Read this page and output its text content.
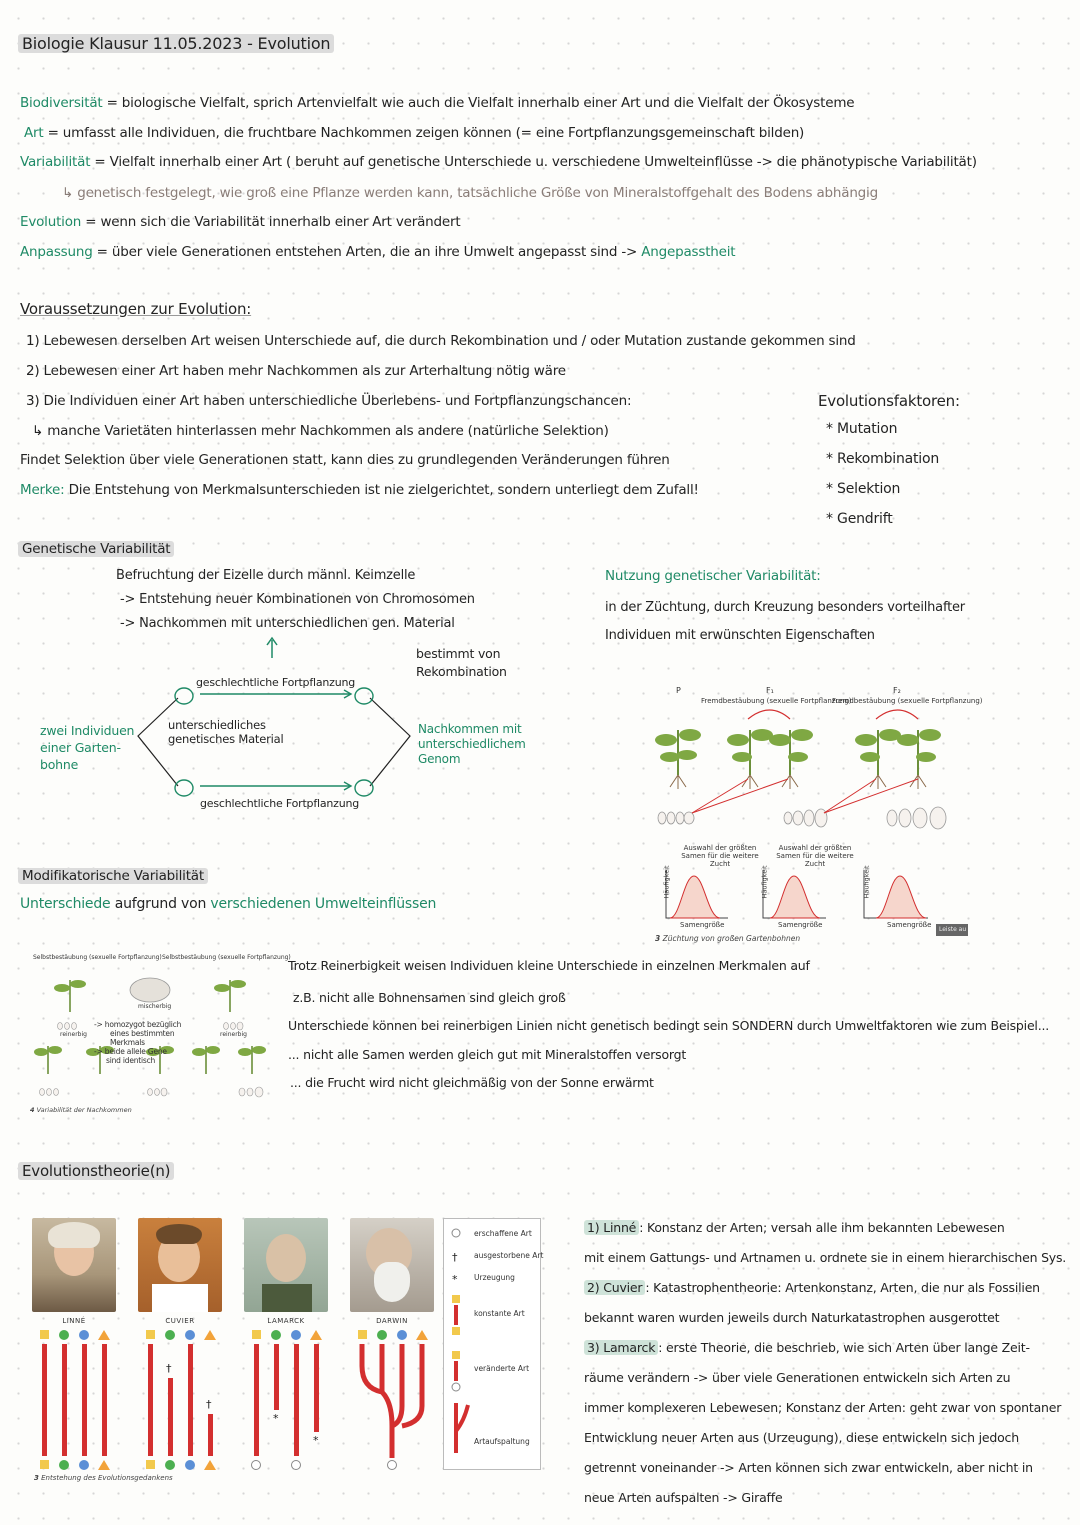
Biologie Klausur 11.05.2023 - Evolution
Biodiversität = biologische Vielfalt, sprich Artenvielfalt wie auch die Vielfalt innerhalb einer Art und die Vielfalt der Ökosysteme
Art = umfasst alle Individuen, die fruchtbare Nachkommen zeigen können (= eine Fortpflanzungsgemeinschaft bilden)
Variabilität = Vielfalt innerhalb einer Art ( beruht auf genetische Unterschiede u. verschiedene Umwelteinflüsse -> die phänotypische Variabilität)
↳ genetisch festgelegt, wie groß eine Pflanze werden kann, tatsächliche Größe von Mineralstoffgehalt des Bodens abhängig
Evolution = wenn sich die Variabilität innerhalb einer Art verändert
Anpassung = über viele Generationen entstehen Arten, die an ihre Umwelt angepasst sind -> Angepasstheit
Voraussetzungen zur Evolution:
1) Lebewesen derselben Art weisen Unterschiede auf, die durch Rekombination und / oder Mutation zustande gekommen sind
2) Lebewesen einer Art haben mehr Nachkommen als zur Arterhaltung nötig wäre
3) Die Individuen einer Art haben unterschiedliche Überlebens- und Fortpflanzungschancen:
↳ manche Varietäten hinterlassen mehr Nachkommen als andere (natürliche Selektion)
Findet Selektion über viele Generationen statt, kann dies zu grundlegenden Veränderungen führen
Merke: Die Entstehung von Merkmalsunterschieden ist nie zielgerichtet, sondern unterliegt dem Zufall!
Evolutionsfaktoren:
* Mutation
* Rekombination
* Selektion
* Gendrift
Genetische Variabilität
Befruchtung der Eizelle durch männl. Keimzelle
-> Entstehung neuer Kombinationen von Chromosomen
-> Nachkommen mit unterschiedlichen gen. Material
bestimmt von Rekombination
geschlechtliche Fortpflanzung
geschlechtliche Fortpflanzung
zwei Individuen einer Garten-bohne
unterschiedliches genetisches Material
Nachkommen mit unterschiedlichem Genom
Nutzung genetischer Variabilität:
in der Züchtung, durch Kreuzung besonders vorteilhafter
Individuen mit erwünschten Eigenschaften
P	F₁	F₂
Fremdbestäubung (sexuelle Fortpflanzung)
Fremdbestäubung (sexuelle Fortpflanzung)
Auswahl der größten Samen für die weitere Zucht
Auswahl der größten Samen für die weitere Zucht
Häufigkeit	Häufigkeit	Häufigkeit
Samengröße	Samengröße	Samengröße
3 Züchtung von großen Gartenbohnen
Leiste au
Modifikatorische Variabilität
Unterschiede aufgrund von verschiedenen Umwelteinflüssen
Trotz Reinerbigkeit weisen Individuen kleine Unterschiede in einzelnen Merkmalen auf
z.B. nicht alle Bohnensamen sind gleich groß
Unterschiede können bei reinerbigen Linien nicht genetisch bedingt sein SONDERN durch Umweltfaktoren wie zum Beispiel...
... nicht alle Samen werden gleich gut mit Mineralstoffen versorgt
... die Frucht wird nicht gleichmäßig von der Sonne erwärmt
Selbstbestäubung (sexuelle Fortpflanzung) Selbstbestäubung (sexuelle Fortpflanzung)
mischerbig
reinerbig	reinerbig
-> homozygot bezüglich
eines bestimmten
Merkmals
-> beide allele Gene
sind identisch
4 Variabilität der Nachkommen
Evolutionstheorie(n)
LINNÉ	CUVIER	LAMARCK	DARWIN
†
†
*
*
†
*
erschaffene Art
ausgestorbene Art
Urzeugung
konstante Art
veränderte Art
Artaufspaltung
3 Entstehung des Evolutionsgedankens
1) Linné : Konstanz der Arten; versah alle ihm bekannten Lebewesen
mit einem Gattungs- und Artnamen u. ordnete sie in einem hierarchischen Sys.
2) Cuvier : Katastrophentheorie: Artenkonstanz, Arten, die nur als Fossilien
bekannt waren wurden jeweils durch Naturkatastrophen ausgerottet
3) Lamarck : erste Theorie, die beschrieb, wie sich Arten über lange Zeit-
räume verändern -> über viele Generationen entwickeln sich Arten zu
immer komplexeren Lebewesen; Konstanz der Arten: geht zwar von spontaner
Entwicklung neuer Arten aus (Urzeugung), diese entwickeln sich jedoch
getrennt voneinander -> Arten können sich zwar entwickeln, aber nicht in
neue Arten aufspalten -> Giraffe
